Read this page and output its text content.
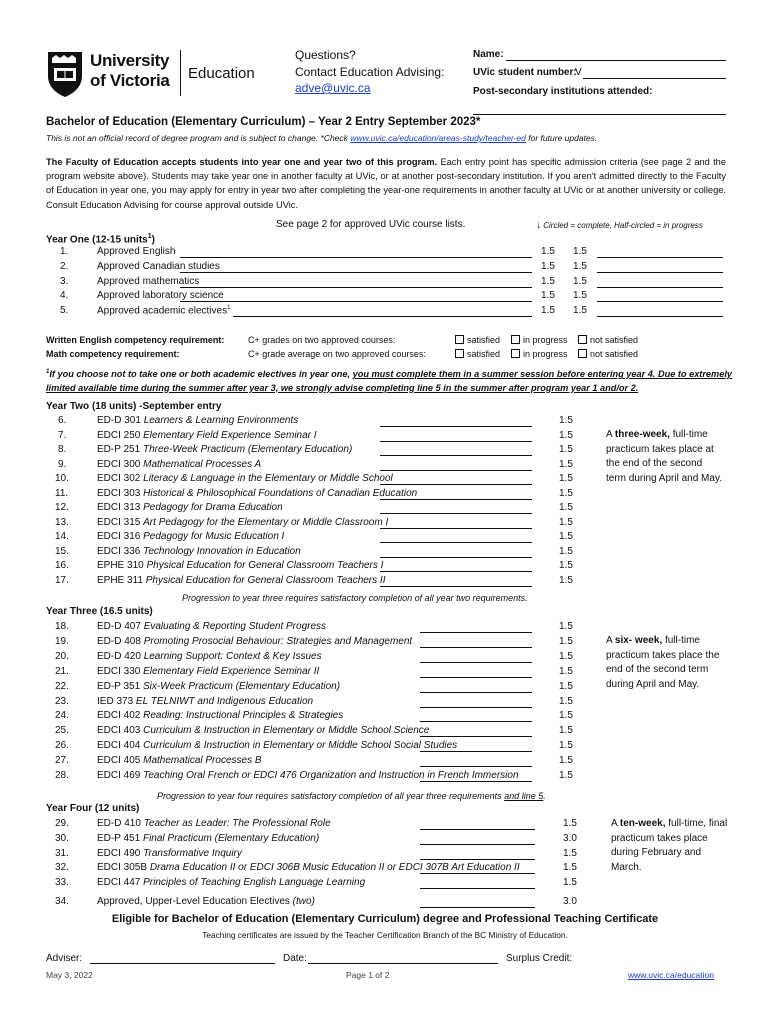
University
of Victoria Education
Questions?
Contact Education Advising:
adve@uvic.ca
Name:
UVic student number:
V
Post-secondary institutions attended:
Bachelor of Education (Elementary Curriculum) – Year 2 Entry September 2023*
This is not an official record of degree program and is subject to change. *Check www.uvic.ca/education/areas-study/teacher-ed for future updates.
The Faculty of Education accepts students into year one and year two of this program. Each entry point has specific admission criteria (see page 2 and the program website above). Students may take year one in another faculty at UVic, or at another post-secondary institution. If you aren't admitted directly to the Faculty of Education in year one, you may apply for entry in year two after completing the year-one requirements in another faculty at UVic or at another university or college. Consult Education Advising for course approval outside UVic.
See page 2 for approved UVic course lists.	↓ Circled = complete, Half-circled = in progress
Year One (12-15 units$^1$)
1.	Approved English	1.5 1.5
2.	Approved Canadian studies	1.5 1.5
3.	Approved mathematics	1.5 1.5
4.	Approved laboratory science	1.5 1.5
5.	Approved academic electives$^1$	1.5 1.5
Written English competency requirement:	C+ grades on two approved courses:	satisfied	in progress	not satisfied
Math competency requirement:	C+ grade average on two approved courses:	satisfied	in progress	not satisfied
$^1$If you choose not to take one or both academic electives in year one, you must complete them in a summer session before entering year 4. Due to extremely limited available time during the summer after year 3, we strongly advise completing line 5 in the summer after program year 1 and/or 2.
Year Two (18 units) -September entry
6.	ED-D 301 Learners & Learning Environments	1.5
7.	EDCI 250 Elementary Field Experience Seminar I	1.5
8.	ED-P 251 Three-Week Practicum (Elementary Education)	1.5
9.	EDCI 300 Mathematical Processes A	1.5
10.	EDCI 302 Literacy & Language in the Elementary or Middle School	1.5
11.	EDCI 303 Historical & Philosophical Foundations of Canadian Education	1.5
12.	EDCI 313 Pedagogy for Drama Education	1.5
13.	EDCI 315 Art Pedagogy for the Elementary or Middle Classroom I	1.5
14.	EDCI 316 Pedagogy for Music Education I	1.5
15.	EDCI 336 Technology Innovation in Education	1.5
16.	EPHE 310 Physical Education for General Classroom Teachers I	1.5
17.	EPHE 311 Physical Education for General Classroom Teachers II	1.5
A three-week, full-time practicum takes place at the end of the second term during April and May.
Progression to year three requires satisfactory completion of all year two requirements.
Year Three (16.5 units)
18.	ED-D 407 Evaluating & Reporting Student Progress	1.5
19.	ED-D 408 Promoting Prosocial Behaviour: Strategies and Management	1.5
20.	ED-D 420 Learning Support: Context & Key Issues	1.5
21.	EDCI 330 Elementary Field Experience Seminar II	1.5
22.	ED-P 351 Six-Week Practicum (Elementary Education)	1.5
23.	IED 373 EL TELNIWT and Indigenous Education	1.5
24.	EDCI 402 Reading: Instructional Principles & Strategies	1.5
25.	EDCI 403 Curriculum & Instruction in Elementary or Middle School Science	1.5
26.	EDCI 404 Curriculum & Instruction in Elementary or Middle School Social Studies	1.5
27.	EDCI 405 Mathematical Processes B	1.5
28.	EDCI 469 Teaching Oral French or EDCI 476 Organization and Instruction in French Immersion	1.5
A six- week, full-time practicum takes place the end of the second term during April and May.
Progression to year four requires satisfactory completion of all year three requirements and line 5.
Year Four (12 units)
29.	ED-D 410 Teacher as Leader: The Professional Role	1.5
30.	ED-P 451 Final Practicum (Elementary Education)	3.0
31.	EDCI 490 Transformative Inquiry	1.5
32.	EDCI 305B Drama Education II or EDCI 306B Music Education II or EDCI 307B Art Education II	1.5
33.	EDCI 447 Principles of Teaching English Language Learning	1.5
34.	Approved, Upper-Level Education Electives (two)	3.0
A ten-week, full-time, final practicum takes place during February and March.
Eligible for Bachelor of Education (Elementary Curriculum) degree and Professional Teaching Certificate
Teaching certificates are issued by the Teacher Certification Branch of the BC Ministry of Education.
Adviser:	Date:	Surplus Credit:
May 3, 2022	Page 1 of 2	www.uvic.ca/education
